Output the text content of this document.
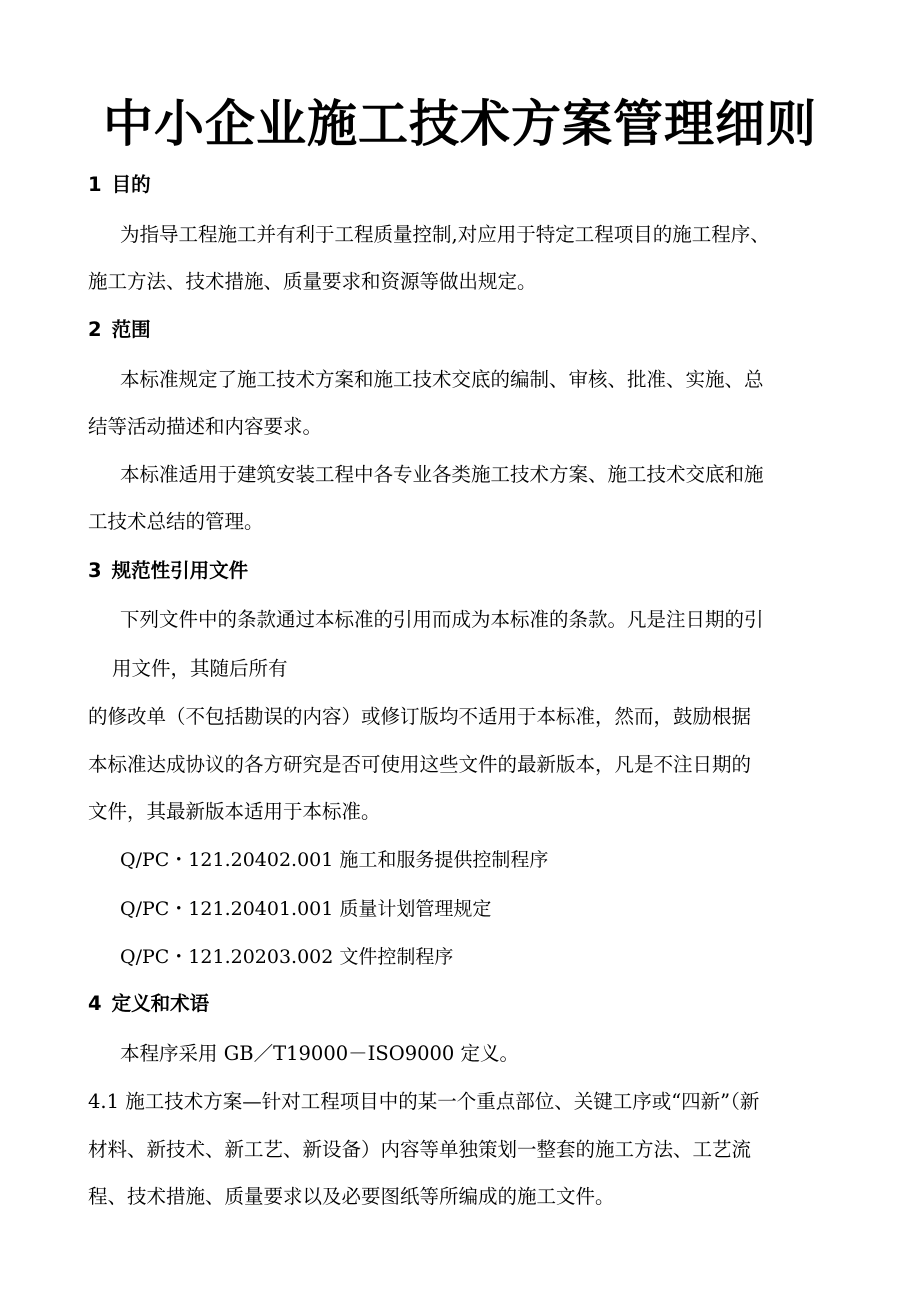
中小企业施工技术方案管理细则
1 目的
为指导工程施工并有利于工程质量控制,对应用于特定工程项目的施工程序、
施工方法、技术措施、质量要求和资源等做出规定。
2 范围
本标准规定了施工技术方案和施工技术交底的编制、审核、批准、实施、总
结等活动描述和内容要求。
本标准适用于建筑安装工程中各专业各类施工技术方案、施工技术交底和施
工技术总结的管理。
3 规范性引用文件
下列文件中的条款通过本标准的引用而成为本标准的条款。凡是注日期的引
用文件，其随后所有
的修改单（不包括勘误的内容）或修订版均不适用于本标准，然而，鼓励根据
本标准达成协议的各方研究是否可使用这些文件的最新版本，凡是不注日期的
文件，其最新版本适用于本标准。
Q/PC・121.20402.001 施工和服务提供控制程序
Q/PC・121.20401.001 质量计划管理规定
Q/PC・121.20203.002 文件控制程序
4 定义和术语
本程序采用 GB／T19000－ISO9000 定义。
4.1 施工技术方案—针对工程项目中的某一个重点部位、关键工序或“四新”（新
材料、新技术、新工艺、新设备）内容等单独策划一整套的施工方法、工艺流
程、技术措施、质量要求以及必要图纸等所编成的施工文件。
